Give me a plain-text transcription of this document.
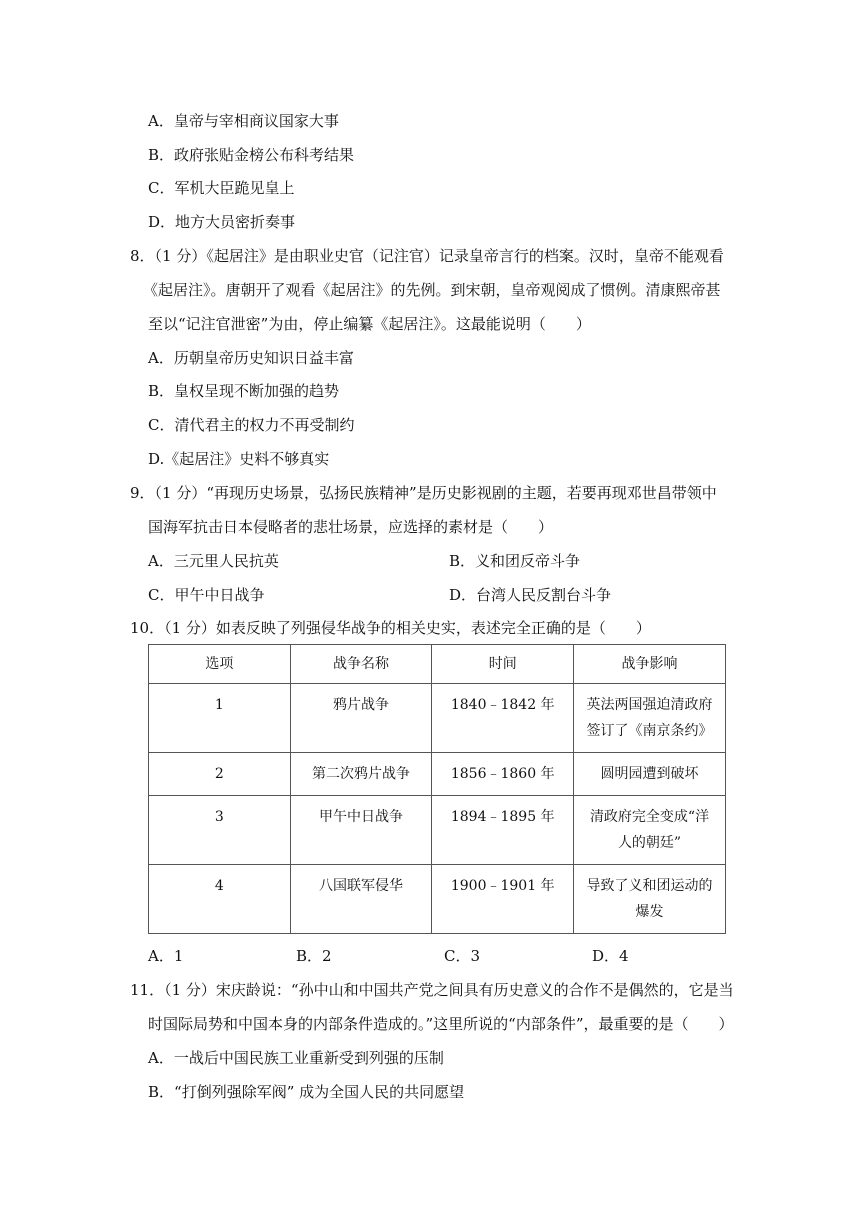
A．皇帝与宰相商议国家大事
B．政府张贴金榜公布科考结果
C．军机大臣跪见皇上
D．地方大员密折奏事
8．（1 分）《起居注》是由职业史官（记注官）记录皇帝言行的档案。汉时，皇帝不能观看
《起居注》。唐朝开了观看《起居注》的先例。到宋朝，皇帝观阅成了惯例。清康熙帝甚
至以“记注官泄密”为由，停止编纂《起居注》。这最能说明（　　）
A．历朝皇帝历史知识日益丰富
B．皇权呈现不断加强的趋势
C．清代君主的权力不再受制约
D.《起居注》史料不够真实
9．（1 分）“再现历史场景，弘扬民族精神”是历史影视剧的主题，若要再现邓世昌带领中
国海军抗击日本侵略者的悲壮场景，应选择的素材是（　　）
A．三元里人民抗英	B．义和团反帝斗争
C．甲午中日战争	D．台湾人民反割台斗争
10．（1 分）如表反映了列强侵华战争的相关史实，表述完全正确的是（　　）
选项	战争名称	时间	战争影响
1	鸦片战争	1840﹣1842 年	英法两国强迫清政府
签订了《南京条约》

2	第二次鸦片战争	1856﹣1860 年	圆明园遭到破坏

3	甲午中日战争	1894﹣1895 年	清政府完全变成“洋
人的朝廷”

4	八国联军侵华	1900﹣1901 年	导致了义和团运动的
爆发
A．1	B．2	C．3	D．4
11．（1 分）宋庆龄说：“孙中山和中国共产党之间具有历史意义的合作不是偶然的，它是当
时国际局势和中国本身的内部条件造成的。”这里所说的“内部条件”，最重要的是（　　）
A．一战后中国民族工业重新受到列强的压制
B．“打倒列强除军阀” 成为全国人民的共同愿望
